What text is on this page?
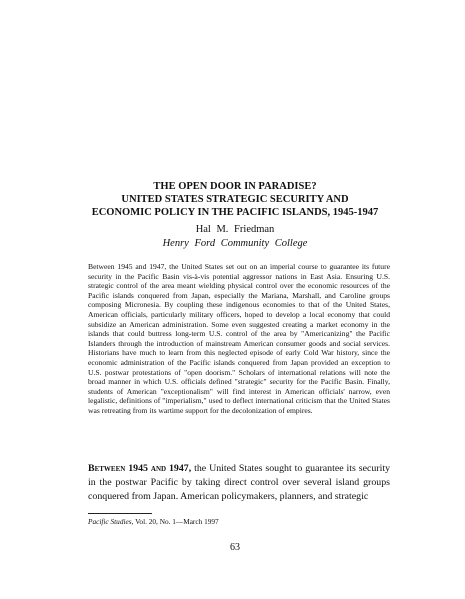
THE OPEN DOOR IN PARADISE?
UNITED STATES STRATEGIC SECURITY AND
ECONOMIC POLICY IN THE PACIFIC ISLANDS, 1945-1947
Hal M. Friedman
Henry Ford Community College

Between 1945 and 1947, the United States set out on an imperial course to guarantee its future security in the Pacific Basin vis-à-vis potential aggressor nations in East Asia. Ensuring U.S. strategic control of the area meant wielding physical control over the economic resources of the Pacific islands conquered from Japan, especially the Mariana, Marshall, and Caroline groups composing Micronesia. By coupling these indigenous economies to that of the United States, American officials, particularly military officers, hoped to develop a local economy that could subsidize an American administration. Some even suggested creating a market economy in the islands that could buttress long-term U.S. control of the area by "Americanizing" the Pacific Islanders through the introduction of mainstream American consumer goods and social services. Historians have much to learn from this neglected episode of early Cold War history, since the economic administration of the Pacific islands conquered from Japan provided an exception to U.S. postwar protestations of "open doorism." Scholars of international relations will note the broad manner in which U.S. officials defined "strategic" security for the Pacific Basin. Finally, students of American "exceptionalism" will find interest in American officials' narrow, even legalistic, definitions of "imperialism," used to deflect international criticism that the United States was retreating from its wartime support for the decolonization of empires.

Between 1945 and 1947, the United States sought to guarantee its security in the postwar Pacific by taking direct control over several island groups conquered from Japan. American policymakers, planners, and strategic

Pacific Studies, Vol. 20, No. 1—March 1997
63
